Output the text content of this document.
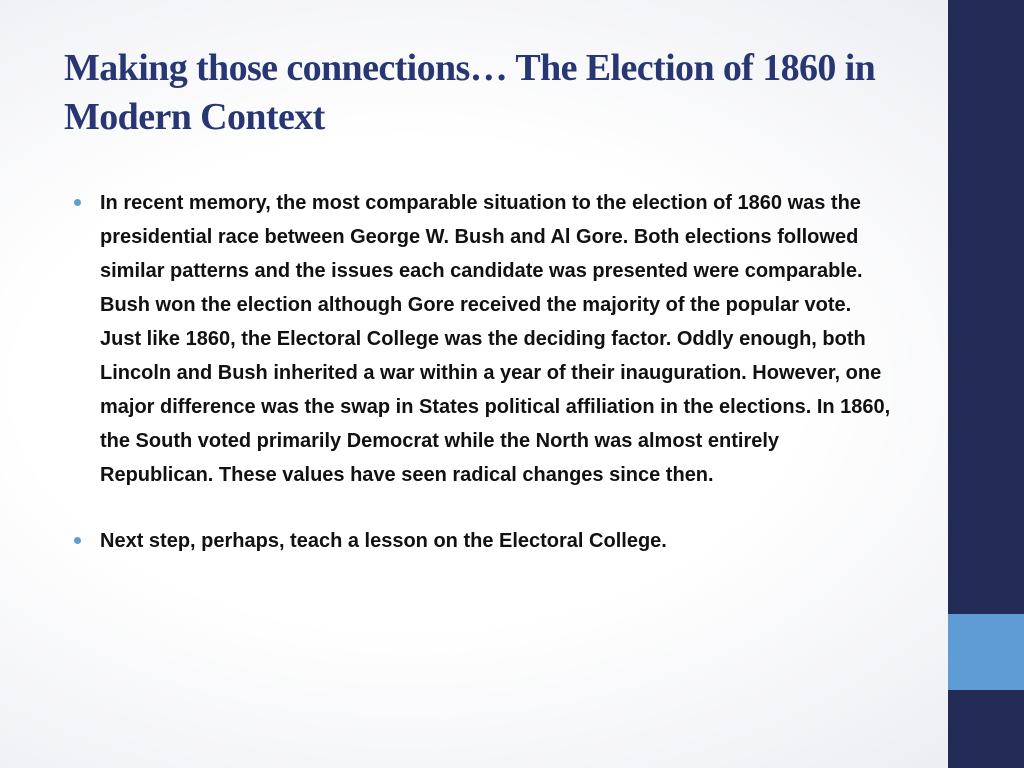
Making those connections… The Election of 1860 in Modern Context
In recent memory, the most comparable situation to the election of 1860 was the presidential race between George W. Bush and Al Gore. Both elections followed similar patterns and the issues each candidate was presented were comparable. Bush won the election although Gore received the majority of the popular vote. Just like 1860, the Electoral College was the deciding factor. Oddly enough, both Lincoln and Bush inherited a war within a year of their inauguration. However, one major difference was the swap in States political affiliation in the elections. In 1860, the South voted primarily Democrat while the North was almost entirely Republican. These values have seen radical changes since then.
Next step, perhaps, teach a lesson on the Electoral College.
